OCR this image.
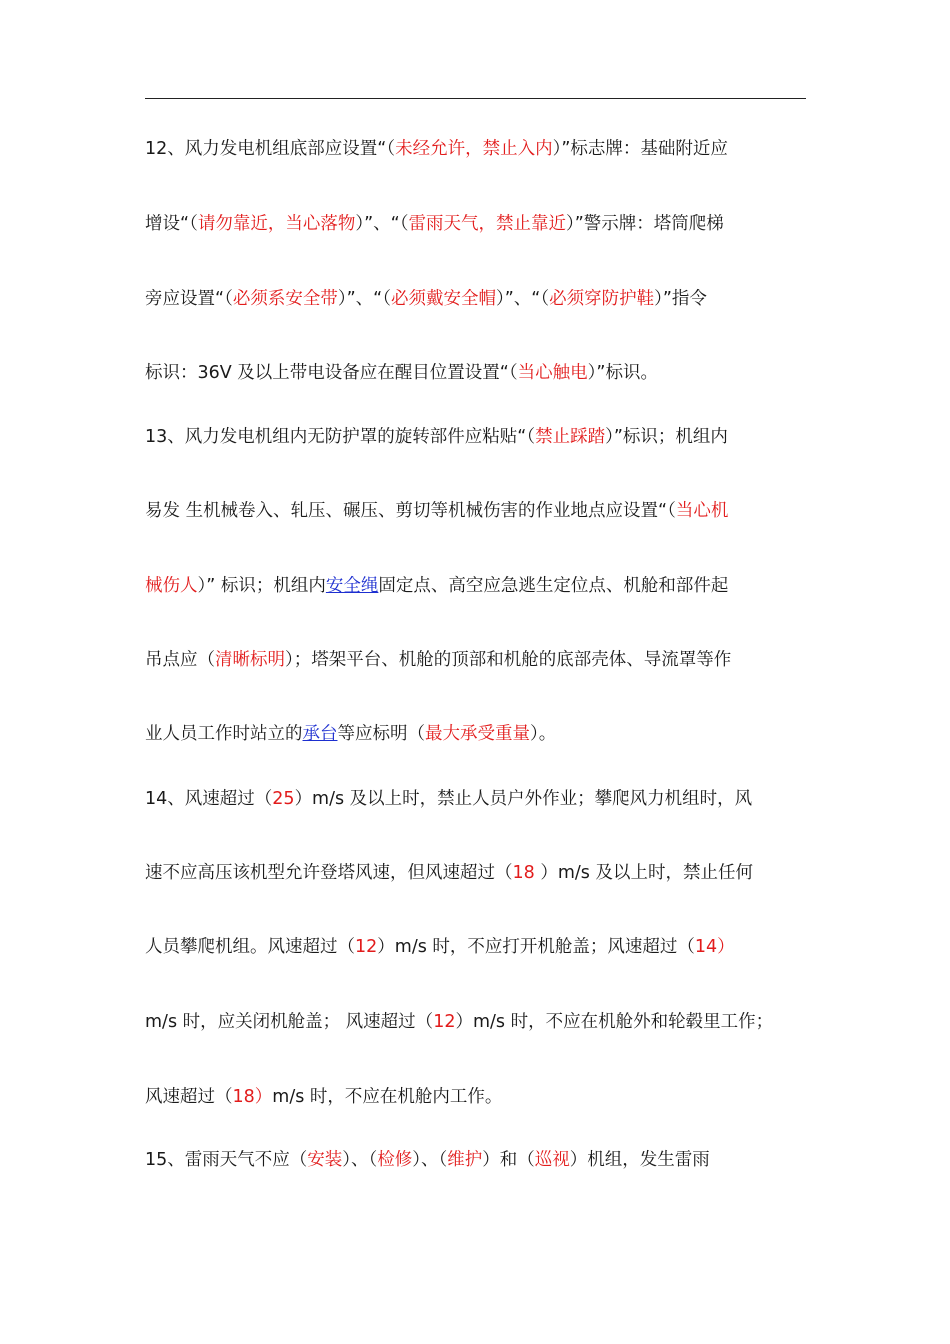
12、风力发电机组底部应设置“（未经允许，禁止入内）”标志牌：基础附近应
增设“（请勿靠近，当心落物）”、“（雷雨天气，禁止靠近）”警示牌：塔筒爬梯
旁应设置“（必须系安全带）”、“（必须戴安全帽）”、“（必须穿防护鞋）”指令
标识：36V 及以上带电设备应在醒目位置设置“（当心触电）”标识。
13、风力发电机组内无防护罩的旋转部件应粘贴“（禁止踩踏）”标识；机组内
易发 生机械卷入、轧压、碾压、剪切等机械伤害的作业地点应设置“（当心机
械伤人）” 标识；机组内安全绳固定点、高空应急逃生定位点、机舱和部件起
吊点应（清晰标明）；塔架平台、机舱的顶部和机舱的底部壳体、导流罩等作
业人员工作时站立的承台等应标明（最大承受重量）。
14、风速超过（25）m/s 及以上时，禁止人员户外作业；攀爬风力机组时，风
速不应高压该机型允许登塔风速，但风速超过（18 ）m/s 及以上时，禁止任何
人员攀爬机组。风速超过（12）m/s 时，不应打开机舱盖；风速超过（14）
m/s 时，应关闭机舱盖； 风速超过（12）m/s 时，不应在机舱外和轮毂里工作；
风速超过（18）m/s 时，不应在机舱内工作。
15、雷雨天气不应（安装）、（检修）、（维护）和（巡视）机组，发生雷雨
